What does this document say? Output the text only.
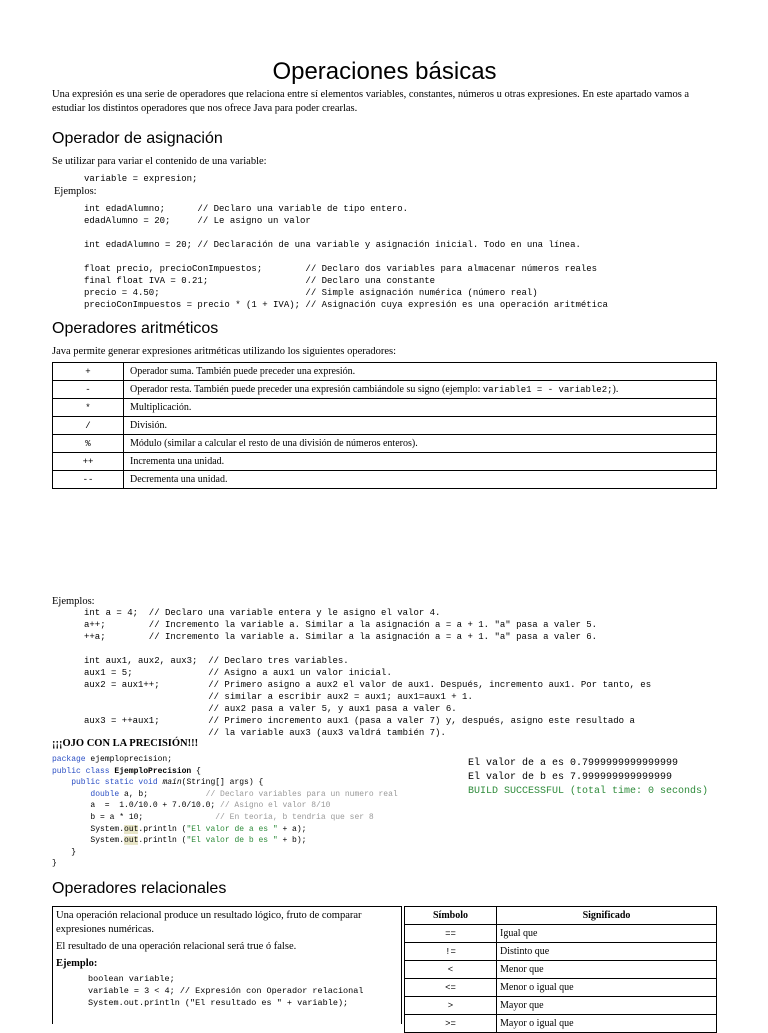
Operaciones básicas

Una expresión es una serie de operadores que relaciona entre sí elementos variables, constantes, números u otras expresiones. En este apartado vamos a estudiar los distintos operadores que nos ofrece Java para poder crearlas.

Operador de asignación

Se utilizar para variar el contenido de una variable:

variable = expresion;

Ejemplos:

int edadAlumno;      // Declaro una variable de tipo entero.
edadAlumno = 20;     // Le asigno un valor

int edadAlumno = 20; // Declaración de una variable y asignación inicial. Todo en una línea.

float precio, precioConImpuestos;        // Declaro dos variables para almacenar números reales
final float IVA = 0.21;                  // Declaro una constante
precio = 4.50;                           // Simple asignación numérica (número real)
precioConImpuestos = precio * (1 + IVA); // Asignación cuya expresión es una operación aritmética
Operadores aritméticos

Java permite generar expresiones aritméticas utilizando los siguientes operadores:

+	Operador suma. También puede preceder una expresión.
-	Operador resta. También puede preceder una expresión cambiándole su signo (ejemplo: variable1 = - variable2;).
*	Multiplicación.
/	División.
%	Módulo (similar a calcular el resto de una división de números enteros).
++	Incrementa una unidad.
--	Decrementa una unidad.

Ejemplos:

int a = 4;  // Declaro una variable entera y le asigno el valor 4.
a++;        // Incremento la variable a. Similar a la asignación a = a + 1. "a" pasa a valer 5.
++a;        // Incremento la variable a. Similar a la asignación a = a + 1. "a" pasa a valer 6.

int aux1, aux2, aux3;  // Declaro tres variables.
aux1 = 5;              // Asigno a aux1 un valor inicial.
aux2 = aux1++;         // Primero asigno a aux2 el valor de aux1. Después, incremento aux1. Por tanto, es
// similar a escribir aux2 = aux1; aux1=aux1 + 1.
// aux2 pasa a valer 5, y aux1 pasa a valer 6.
aux3 = ++aux1;         // Primero incremento aux1 (pasa a valer 7) y, después, asigno este resultado a
// la variable aux3 (aux3 valdrá también 7).

¡¡¡OJO CON LA PRECISIÓN!!!

package ejemploprecision;
public class EjemploPrecision {
public static void main(String[] args) {
double a, b;            // Declaro variables para un numero real
a  =  1.0/10.0 + 7.0/10.0; // Asigno el valor 8/10
b = a * 10;               // En teoria, b tendria que ser 8
System.out.println ("El valor de a es " + a);
System.out.println ("El valor de b es " + b);
}
}
El valor de a es 0.7999999999999999
El valor de b es 7.999999999999999
BUILD SUCCESSFUL (total time: 0 seconds)
Operadores relacionales

Una operación relacional produce un resultado lógico, fruto de comparar expresiones numéricas.

El resultado de una operación relacional será true ó false.

Ejemplo:

boolean variable;
variable = 3 < 4; // Expresión con Operador relacional
System.out.println ("El resultado es " + variable);
Símbolo	Significado
==	Igual que
!=	Distinto que
<	Menor que
<=	Menor o igual que
>	Mayor que
>=	Mayor o igual que
